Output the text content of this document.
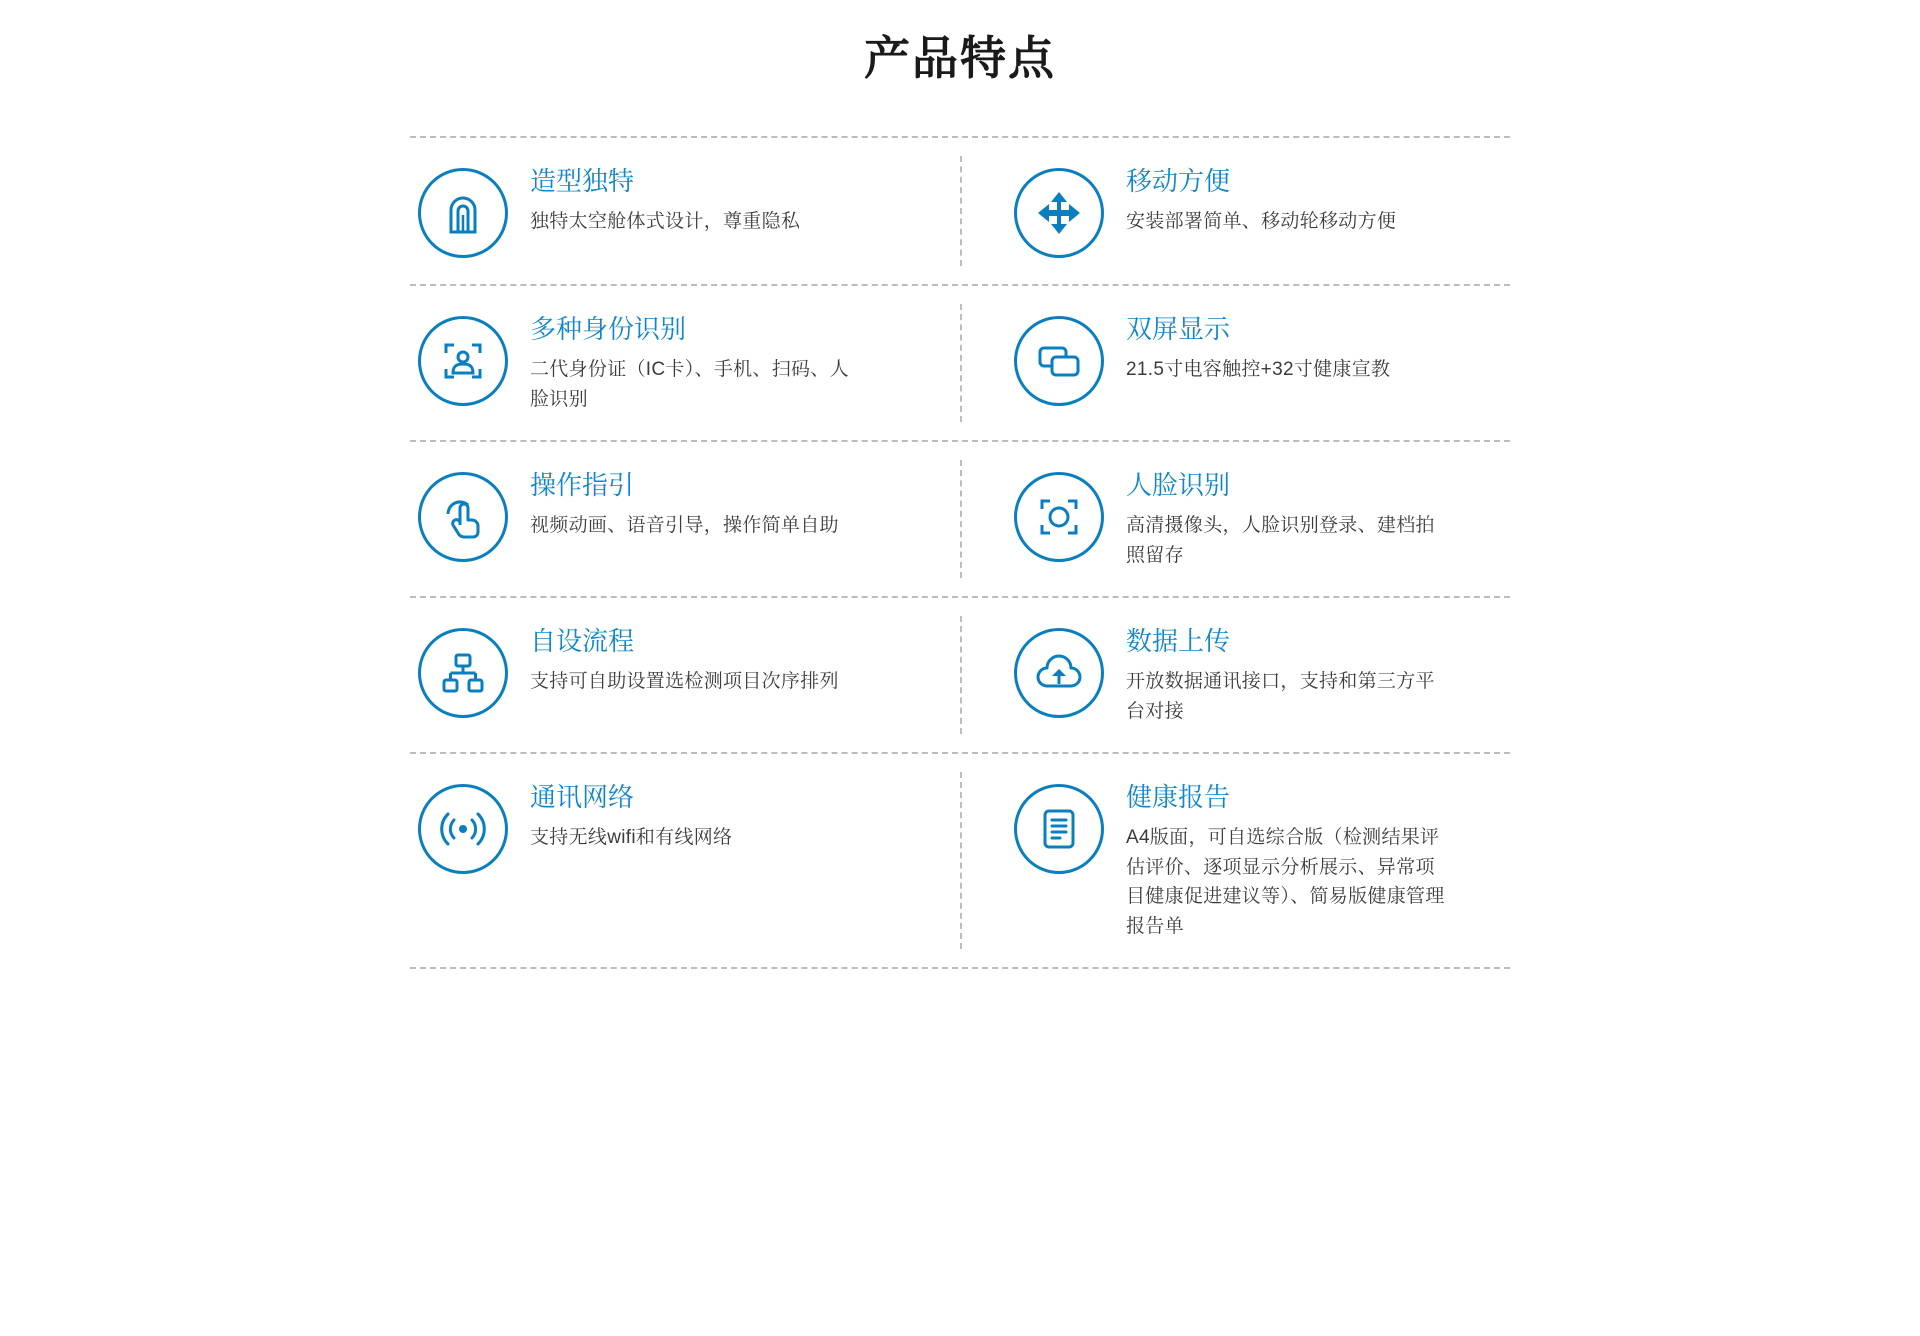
产品特点

造型独特

独特太空舱体式设计，尊重隐私

移动方便

安装部署简单、移动轮移动方便

多种身份识别

二代身份证（IC卡）、手机、扫码、人脸识别

双屏显示

21.5寸电容触控+32寸健康宣教

操作指引

视频动画、语音引导，操作简单自助

人脸识别

高清摄像头，人脸识别登录、建档拍照留存

自设流程

支持可自助设置选检测项目次序排列

数据上传

开放数据通讯接口，支持和第三方平台对接

通讯网络

支持无线wifi和有线网络

健康报告

A4版面，可自选综合版（检测结果评估评价、逐项显示分析展示、异常项目健康促进建议等）、简易版健康管理报告单
